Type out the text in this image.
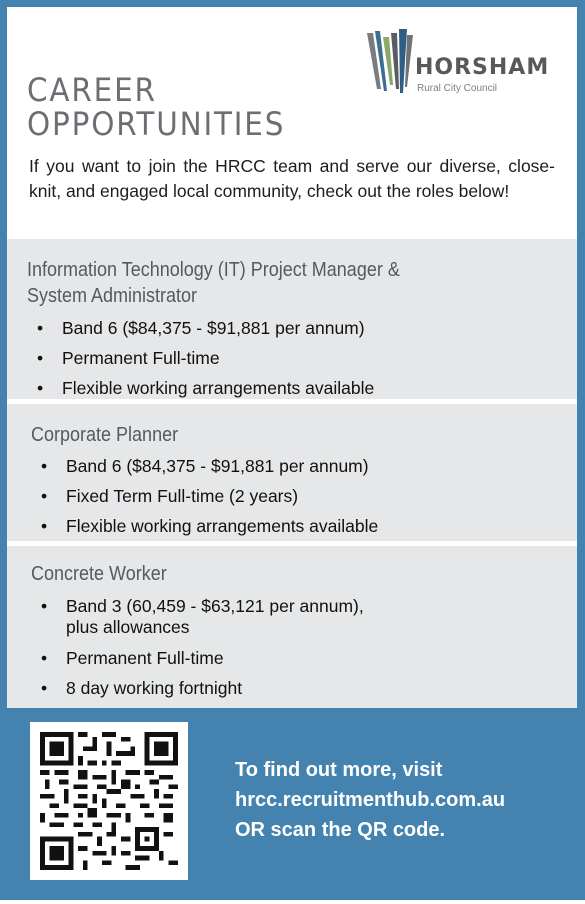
CAREER
OPPORTUNITIES
HORSHAM
Rural City Council
If you want to join the HRCC team and serve our diverse, close-knit, and engaged local community, check out the roles below!
Information Technology (IT) Project Manager &
System Administrator
• Band 6 ($84,375 - $91,881 per annum)
• Permanent Full-time
• Flexible working arrangements available
Corporate Planner
• Band 6 ($84,375 - $91,881 per annum)
• Fixed Term Full-time (2 years)
• Flexible working arrangements available
Concrete Worker
• Band 3 (60,459 - $63,121 per annum),
plus allowances
• Permanent Full-time
• 8 day working fortnight
To find out more, visit
hrcc.recruitmenthub.com.au
OR scan the QR code.
